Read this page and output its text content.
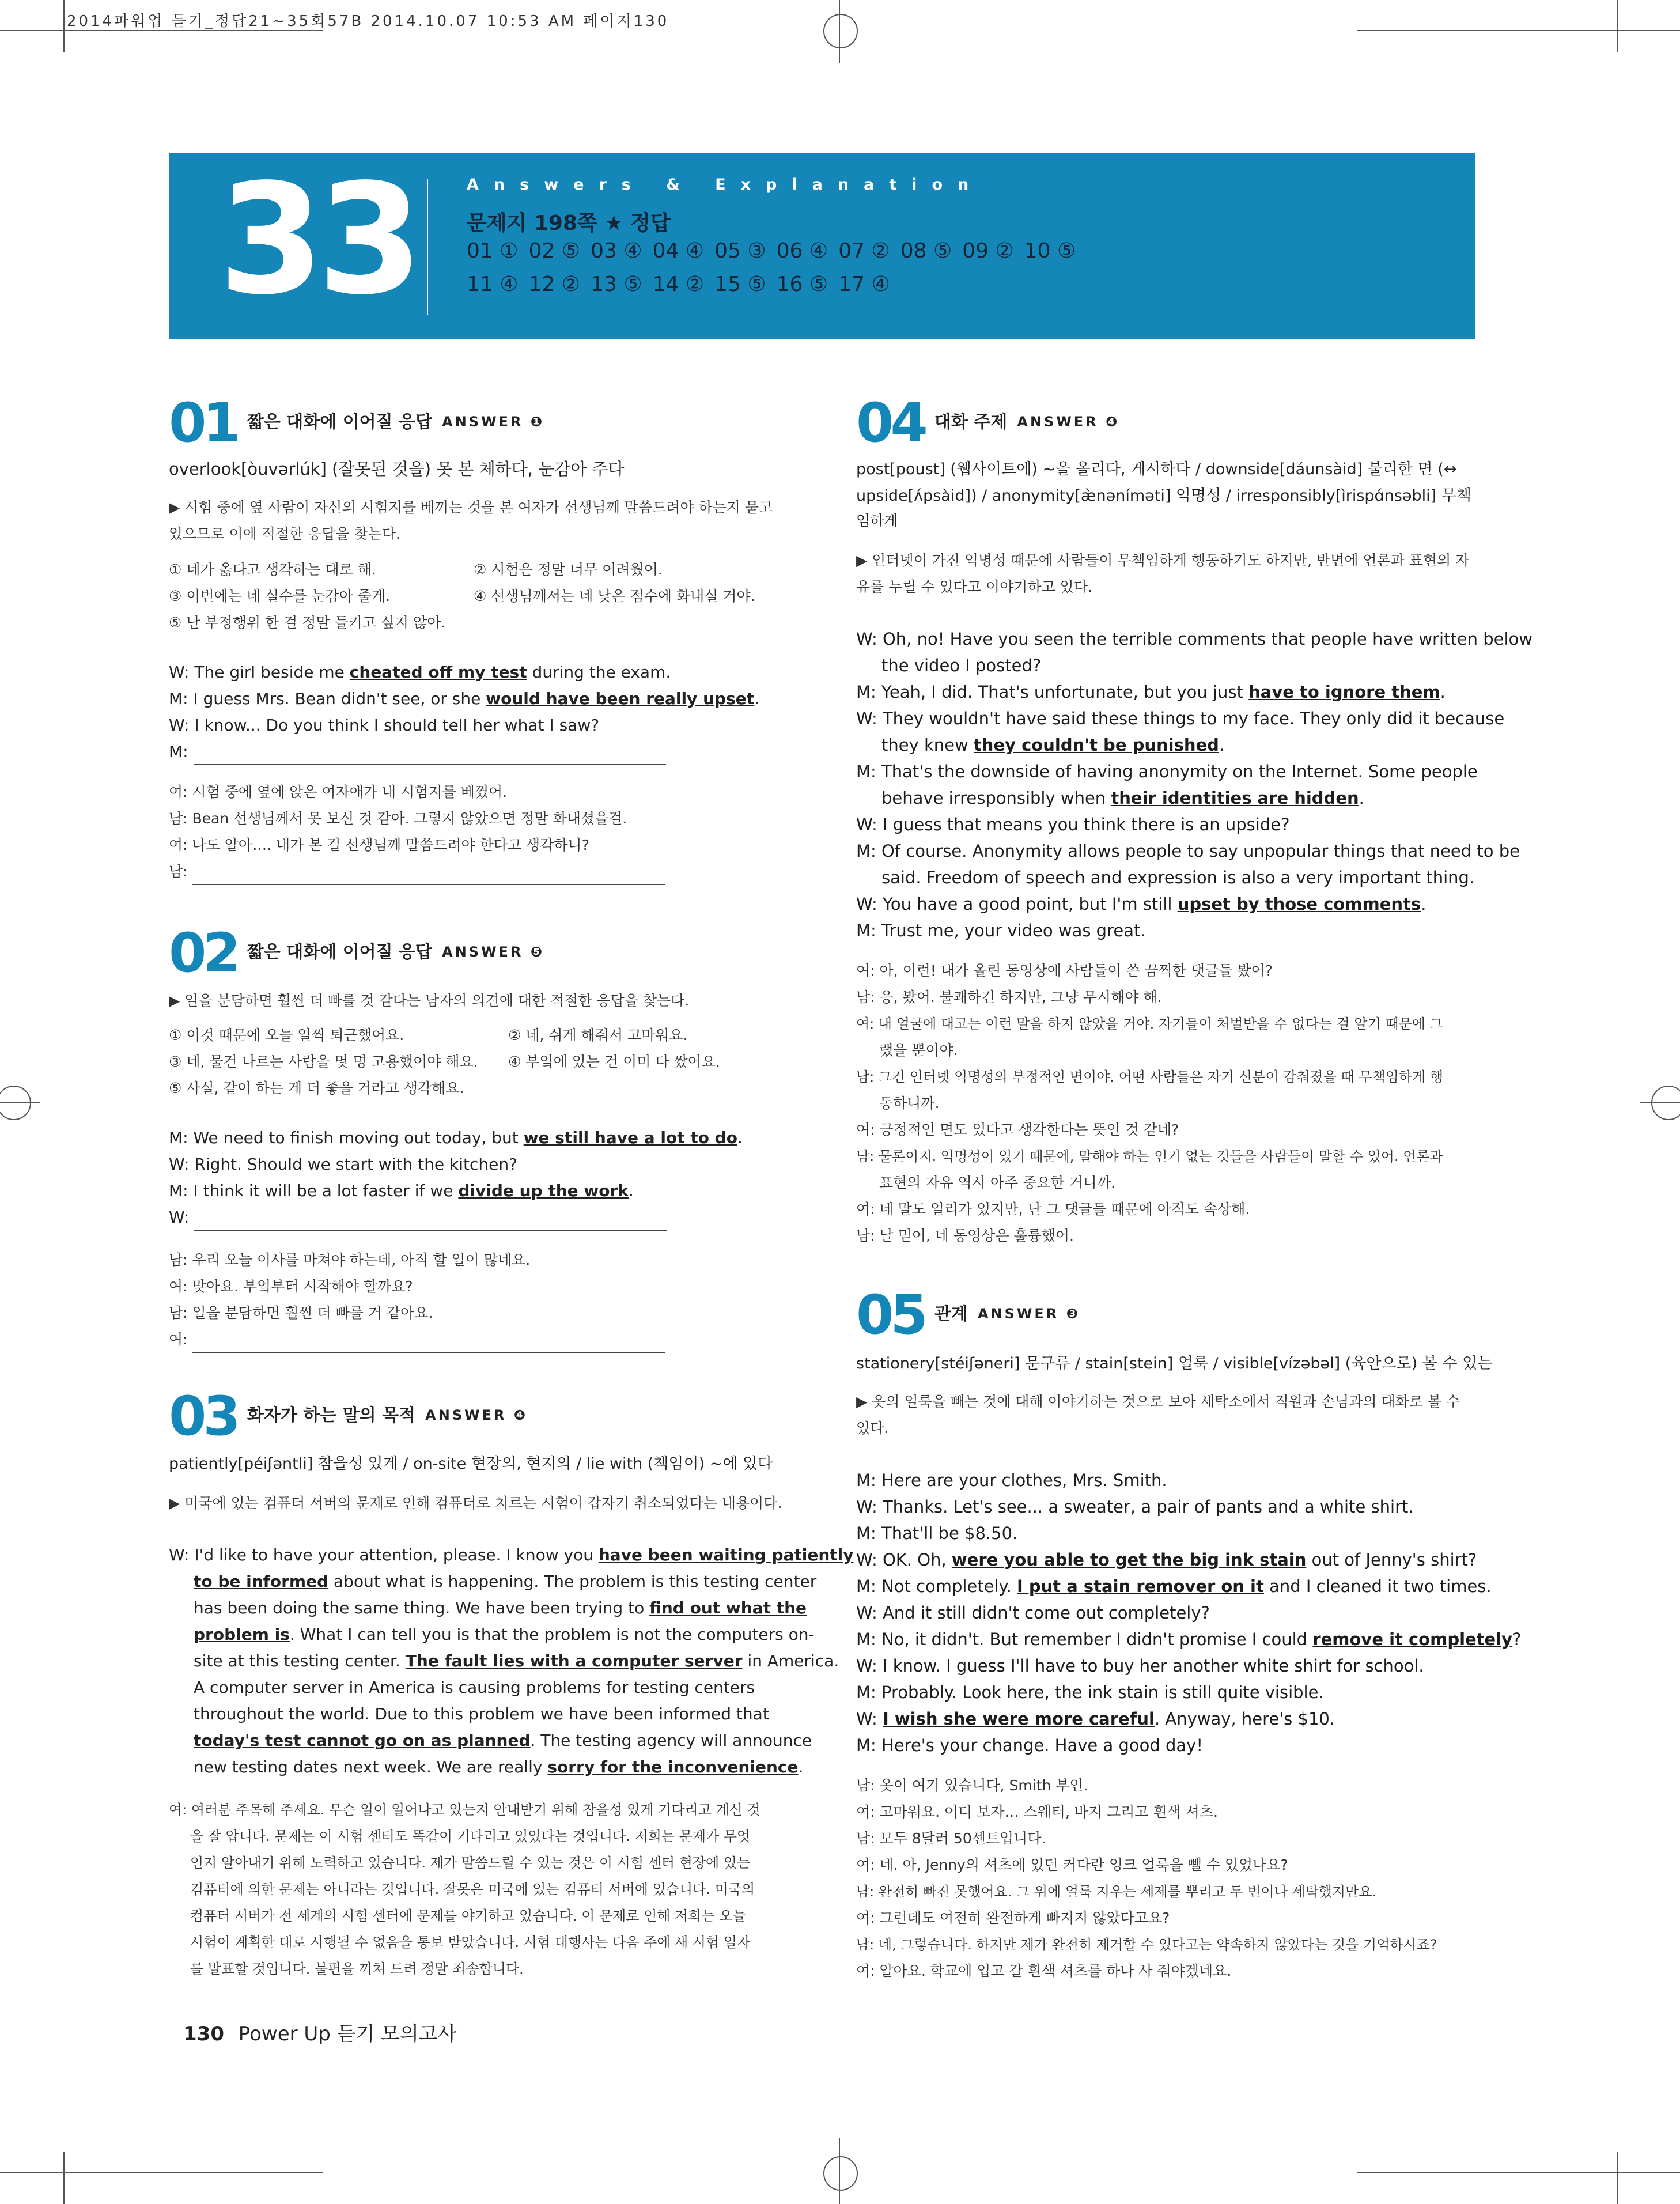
2014파워업 듣기_정답21~35회57B 2014.10.07 10:53 AM 페이지130
33	Answers & Explanation
문제지 198쪽 ★ 정답
01 ① 02 ⑤ 03 ④ 04 ④ 05 ③ 06 ④ 07 ② 08 ⑤ 09 ② 10 ⑤
11 ④ 12 ② 13 ⑤ 14 ② 15 ⑤ 16 ⑤ 17 ④
01 짧은 대화에 이어질 응답 ANSWER ❶
overlook[òuvərlúk] (잘못된 것을) 못 본 체하다, 눈감아 주다
▶ 시험 중에 옆 사람이 자신의 시험지를 베끼는 것을 본 여자가 선생님께 말씀드려야 하는지 묻고
있으므로 이에 적절한 응답을 찾는다.
① 네가 옳다고 생각하는 대로 해.	② 시험은 정말 너무 어려웠어.
③ 이번에는 네 실수를 눈감아 줄게.	④ 선생님께서는 네 낮은 점수에 화내실 거야.
⑤ 난 부정행위 한 걸 정말 들키고 싶지 않아.
W: The girl beside me cheated off my test during the exam.
M: I guess Mrs. Bean didn't see, or she would have been really upset.
W: I know... Do you think I should tell her what I saw?
M:
여: 시험 중에 옆에 앉은 여자애가 내 시험지를 베꼈어.
남: Bean 선생님께서 못 보신 것 같아. 그렇지 않았으면 정말 화내셨을걸.
여: 나도 알아…. 내가 본 걸 선생님께 말씀드려야 한다고 생각하니?
남:
02 짧은 대화에 이어질 응답 ANSWER ❺
▶ 일을 분담하면 훨씬 더 빠를 것 같다는 남자의 의견에 대한 적절한 응답을 찾는다.
① 이것 때문에 오늘 일찍 퇴근했어요.	② 네, 쉬게 해줘서 고마워요.
③ 네, 물건 나르는 사람을 몇 명 고용했어야 해요. ④ 부엌에 있는 건 이미 다 쌌어요.
⑤ 사실, 같이 하는 게 더 좋을 거라고 생각해요.
M: We need to finish moving out today, but we still have a lot to do.
W: Right. Should we start with the kitchen?
M: I think it will be a lot faster if we divide up the work.
W:
남: 우리 오늘 이사를 마쳐야 하는데, 아직 할 일이 많네요.
여: 맞아요. 부엌부터 시작해야 할까요?
남: 일을 분담하면 훨씬 더 빠를 거 같아요.
여:
03 화자가 하는 말의 목적 ANSWER ❹
patiently[péiʃəntli] 참을성 있게 / on-site 현장의, 현지의 / lie with (책임이) ~에 있다
▶ 미국에 있는 컴퓨터 서버의 문제로 인해 컴퓨터로 치르는 시험이 갑자기 취소되었다는 내용이다.
W: I'd like to have your attention, please. I know you have been waiting patiently
to be informed about what is happening. The problem is this testing center
has been doing the same thing. We have been trying to find out what the
problem is. What I can tell you is that the problem is not the computers on-
site at this testing center. The fault lies with a computer server in America.
A computer server in America is causing problems for testing centers
throughout the world. Due to this problem we have been informed that
today's test cannot go on as planned. The testing agency will announce
new testing dates next week. We are really sorry for the inconvenience.
여: 여러분 주목해 주세요. 무슨 일이 일어나고 있는지 안내받기 위해 참을성 있게 기다리고 계신 것
을 잘 압니다. 문제는 이 시험 센터도 똑같이 기다리고 있었다는 것입니다. 저희는 문제가 무엇
인지 알아내기 위해 노력하고 있습니다. 제가 말씀드릴 수 있는 것은 이 시험 센터 현장에 있는
컴퓨터에 의한 문제는 아니라는 것입니다. 잘못은 미국에 있는 컴퓨터 서버에 있습니다. 미국의
컴퓨터 서버가 전 세계의 시험 센터에 문제를 야기하고 있습니다. 이 문제로 인해 저희는 오늘
시험이 계획한 대로 시행될 수 없음을 통보 받았습니다. 시험 대행사는 다음 주에 새 시험 일자
를 발표할 것입니다. 불편을 끼쳐 드려 정말 죄송합니다.
04 대화 주제 ANSWER ❹
post[poust] (웹사이트에) ~을 올리다, 게시하다 / downside[dáunsàid] 불리한 면 (↔
upside[ʌ́psàid]) / anonymity[æ̀nəníməti] 익명성 / irresponsibly[ìrispɑ́nsəbli] 무책
임하게
▶ 인터넷이 가진 익명성 때문에 사람들이 무책임하게 행동하기도 하지만, 반면에 언론과 표현의 자
유를 누릴 수 있다고 이야기하고 있다.
W: Oh, no! Have you seen the terrible comments that people have written below
the video I posted?
M: Yeah, I did. That's unfortunate, but you just have to ignore them.
W: They wouldn't have said these things to my face. They only did it because
they knew they couldn't be punished.
M: That's the downside of having anonymity on the Internet. Some people
behave irresponsibly when their identities are hidden.
W: I guess that means you think there is an upside?
M: Of course. Anonymity allows people to say unpopular things that need to be
said. Freedom of speech and expression is also a very important thing.
W: You have a good point, but I'm still upset by those comments.
M: Trust me, your video was great.
여: 아, 이런! 내가 올린 동영상에 사람들이 쓴 끔찍한 댓글들 봤어?
남: 응, 봤어. 불쾌하긴 하지만, 그냥 무시해야 해.
여: 내 얼굴에 대고는 이런 말을 하지 않았을 거야. 자기들이 처벌받을 수 없다는 걸 알기 때문에 그
랬을 뿐이야.
남: 그건 인터넷 익명성의 부정적인 면이야. 어떤 사람들은 자기 신분이 감춰졌을 때 무책임하게 행
동하니까.
여: 긍정적인 면도 있다고 생각한다는 뜻인 것 같네?
남: 물론이지. 익명성이 있기 때문에, 말해야 하는 인기 없는 것들을 사람들이 말할 수 있어. 언론과
표현의 자유 역시 아주 중요한 거니까.
여: 네 말도 일리가 있지만, 난 그 댓글들 때문에 아직도 속상해.
남: 날 믿어, 네 동영상은 훌륭했어.
05 관계 ANSWER ❸
stationery[stéiʃəneri] 문구류 / stain[stein] 얼룩 / visible[vízəbəl] (육안으로) 볼 수 있는
▶ 옷의 얼룩을 빼는 것에 대해 이야기하는 것으로 보아 세탁소에서 직원과 손님과의 대화로 볼 수
있다.
M: Here are your clothes, Mrs. Smith.
W: Thanks. Let's see... a sweater, a pair of pants and a white shirt.
M: That'll be $8.50.
W: OK. Oh, were you able to get the big ink stain out of Jenny's shirt?
M: Not completely. I put a stain remover on it and I cleaned it two times.
W: And it still didn't come out completely?
M: No, it didn't. But remember I didn't promise I could remove it completely?
W: I know. I guess I'll have to buy her another white shirt for school.
M: Probably. Look here, the ink stain is still quite visible.
W: I wish she were more careful. Anyway, here's $10.
M: Here's your change. Have a good day!
남: 옷이 여기 있습니다, Smith 부인.
여: 고마워요. 어디 보자… 스웨터, 바지 그리고 흰색 셔츠.
남: 모두 8달러 50센트입니다.
여: 네. 아, Jenny의 셔츠에 있던 커다란 잉크 얼룩을 뺄 수 있었나요?
남: 완전히 빠진 못했어요. 그 위에 얼룩 지우는 세제를 뿌리고 두 번이나 세탁했지만요.
여: 그런데도 여전히 완전하게 빠지지 않았다고요?
남: 네, 그렇습니다. 하지만 제가 완전히 제거할 수 있다고는 약속하지 않았다는 것을 기억하시죠?
여: 알아요. 학교에 입고 갈 흰색 셔츠를 하나 사 줘야겠네요.
130 Power Up 듣기 모의고사
